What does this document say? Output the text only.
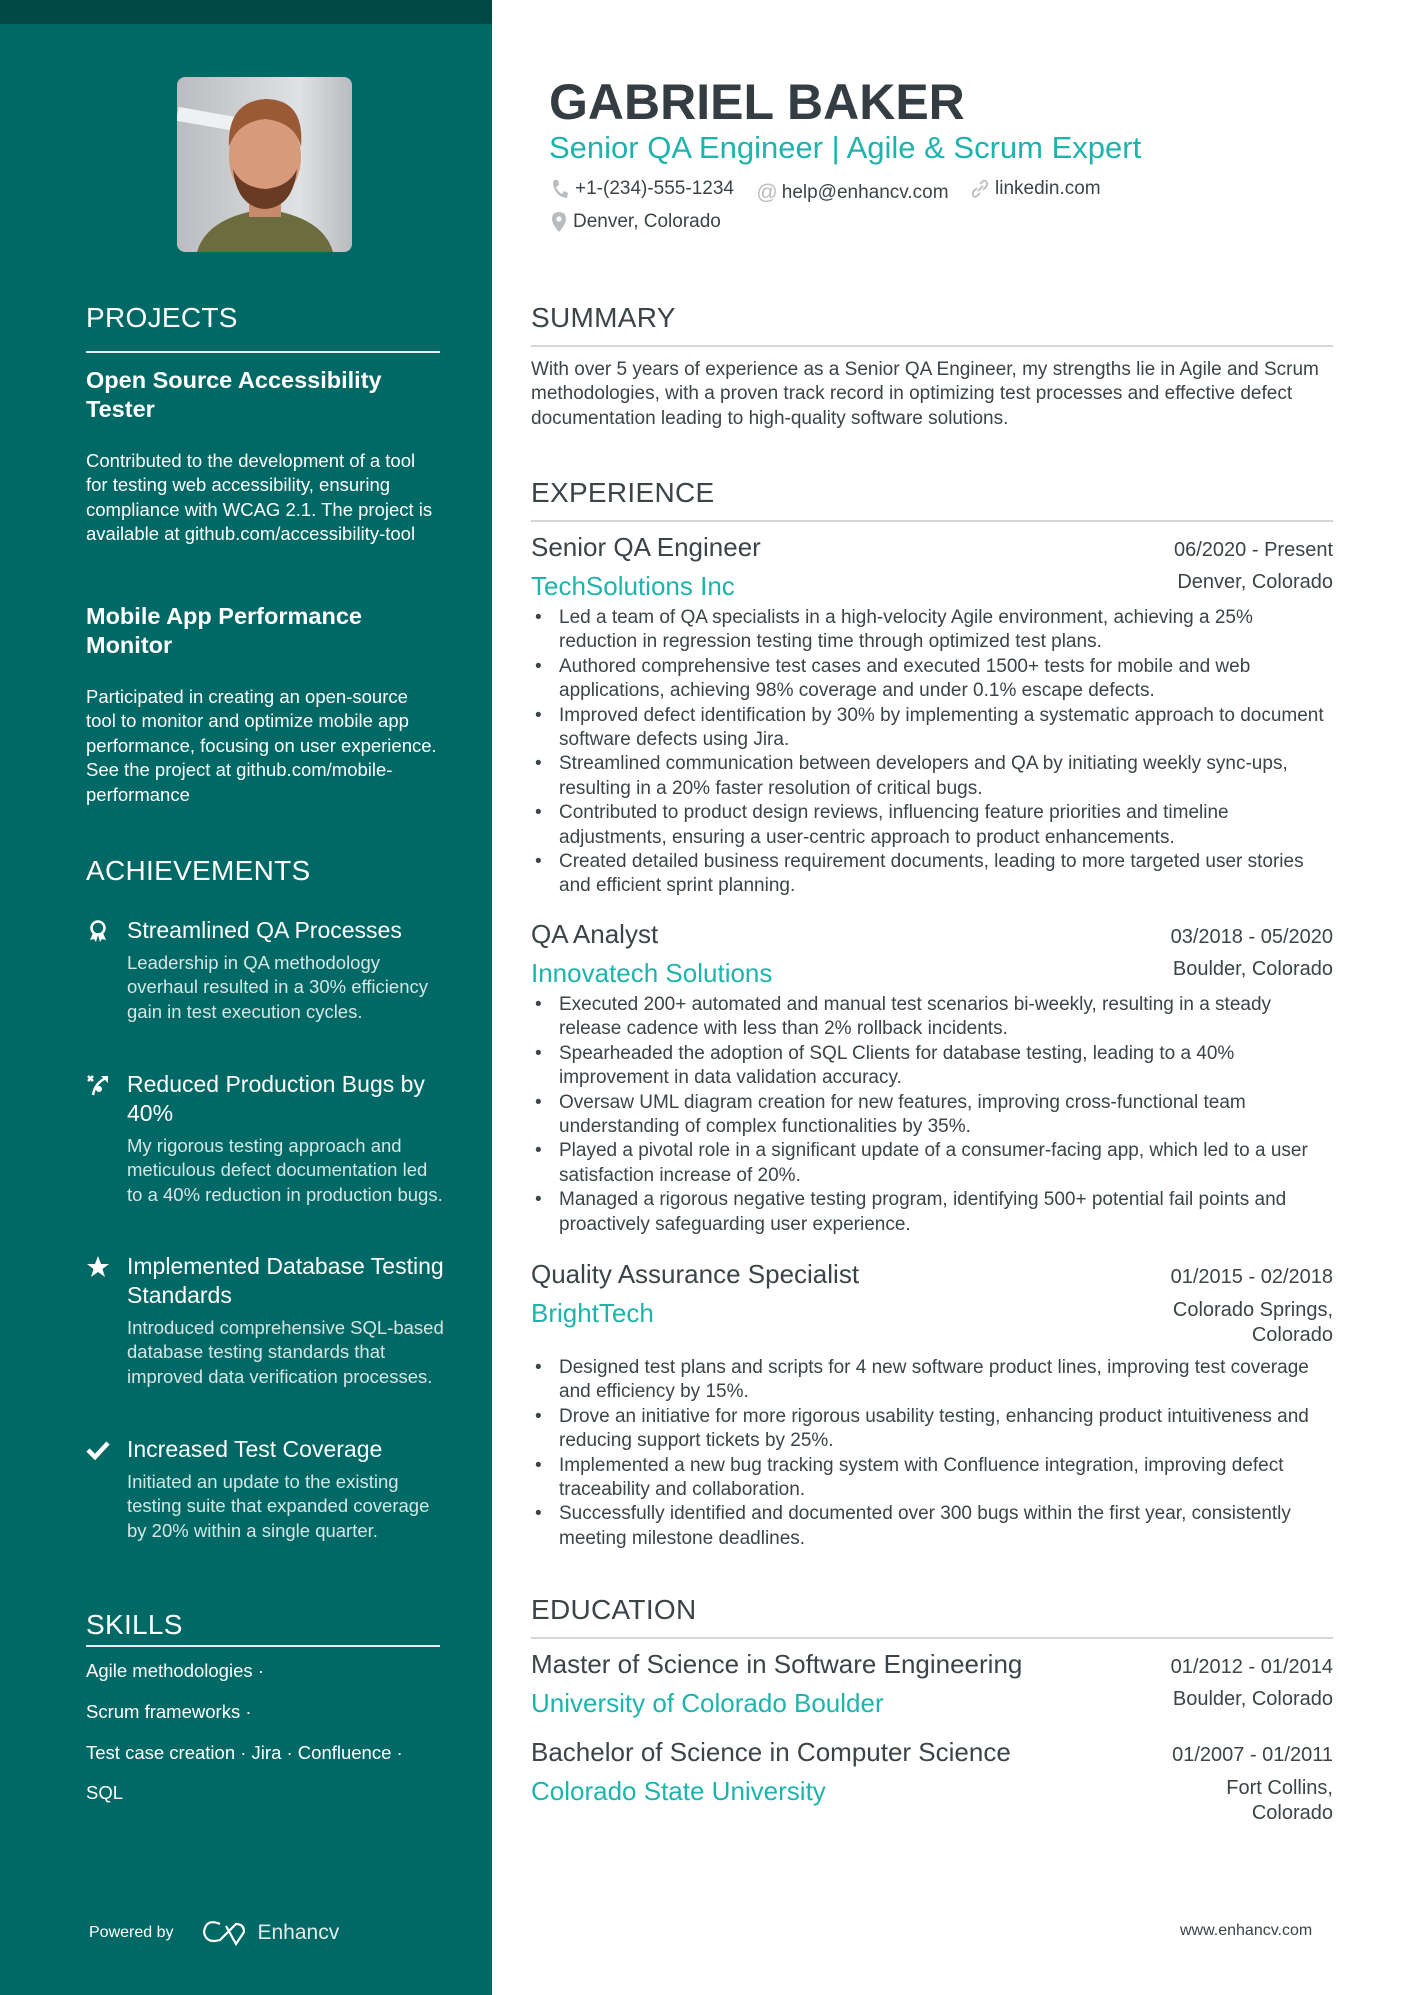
PROJECTS
Open Source Accessibility Tester
Contributed to the development of a tool for testing web accessibility, ensuring compliance with WCAG 2.1. The project is available at github.com/accessibility-tool
Mobile App Performance Monitor
Participated in creating an open-source tool to monitor and optimize mobile app performance, focusing on user experience. See the project at github.com/mobile-performance
ACHIEVEMENTS
Streamlined QA Processes
Leadership in QA methodology overhaul resulted in a 30% efficiency gain in test execution cycles.
Reduced Production Bugs by 40%
My rigorous testing approach and meticulous defect documentation led to a 40% reduction in production bugs.
Implemented Database Testing Standards
Introduced comprehensive SQL-based database testing standards that improved data verification processes.
Increased Test Coverage
Initiated an update to the existing testing suite that expanded coverage by 20% within a single quarter.
SKILLS
Agile methodologies ·
Scrum frameworks ·
Test case creation · Jira · Confluence ·
SQL
Powered by	Enhancv
GABRIEL BAKER
Senior QA Engineer | Agile & Scrum Expert
+1-(234)-555-1234
@ help@enhancv.com
linkedin.com
Denver, Colorado
SUMMARY
With over 5 years of experience as a Senior QA Engineer, my strengths lie in Agile and Scrum methodologies, with a proven track record in optimizing test processes and effective defect documentation leading to high-quality software solutions.
EXPERIENCE
Senior QA Engineer	06/2020 - Present
TechSolutions Inc	Denver, Colorado
• Led a team of QA specialists in a high-velocity Agile environment, achieving a 25% reduction in regression testing time through optimized test plans.
• Authored comprehensive test cases and executed 1500+ tests for mobile and web applications, achieving 98% coverage and under 0.1% escape defects.
• Improved defect identification by 30% by implementing a systematic approach to document software defects using Jira.
• Streamlined communication between developers and QA by initiating weekly sync-ups, resulting in a 20% faster resolution of critical bugs.
• Contributed to product design reviews, influencing feature priorities and timeline adjustments, ensuring a user-centric approach to product enhancements.
• Created detailed business requirement documents, leading to more targeted user stories and efficient sprint planning.
QA Analyst	03/2018 - 05/2020
Innovatech Solutions	Boulder, Colorado
• Executed 200+ automated and manual test scenarios bi-weekly, resulting in a steady release cadence with less than 2% rollback incidents.
• Spearheaded the adoption of SQL Clients for database testing, leading to a 40% improvement in data validation accuracy.
• Oversaw UML diagram creation for new features, improving cross-functional team understanding of complex functionalities by 35%.
• Played a pivotal role in a significant update of a consumer-facing app, which led to a user satisfaction increase of 20%.
• Managed a rigorous negative testing program, identifying 500+ potential fail points and proactively safeguarding user experience.
Quality Assurance Specialist	01/2015 - 02/2018
BrightTech	Colorado Springs, Colorado
• Designed test plans and scripts for 4 new software product lines, improving test coverage and efficiency by 15%.
• Drove an initiative for more rigorous usability testing, enhancing product intuitiveness and reducing support tickets by 25%.
• Implemented a new bug tracking system with Confluence integration, improving defect traceability and collaboration.
• Successfully identified and documented over 300 bugs within the first year, consistently meeting milestone deadlines.
EDUCATION
Master of Science in Software Engineering	01/2012 - 01/2014
University of Colorado Boulder	Boulder, Colorado
Bachelor of Science in Computer Science	01/2007 - 01/2011
Colorado State University	Fort Collins, Colorado
www.enhancv.com
